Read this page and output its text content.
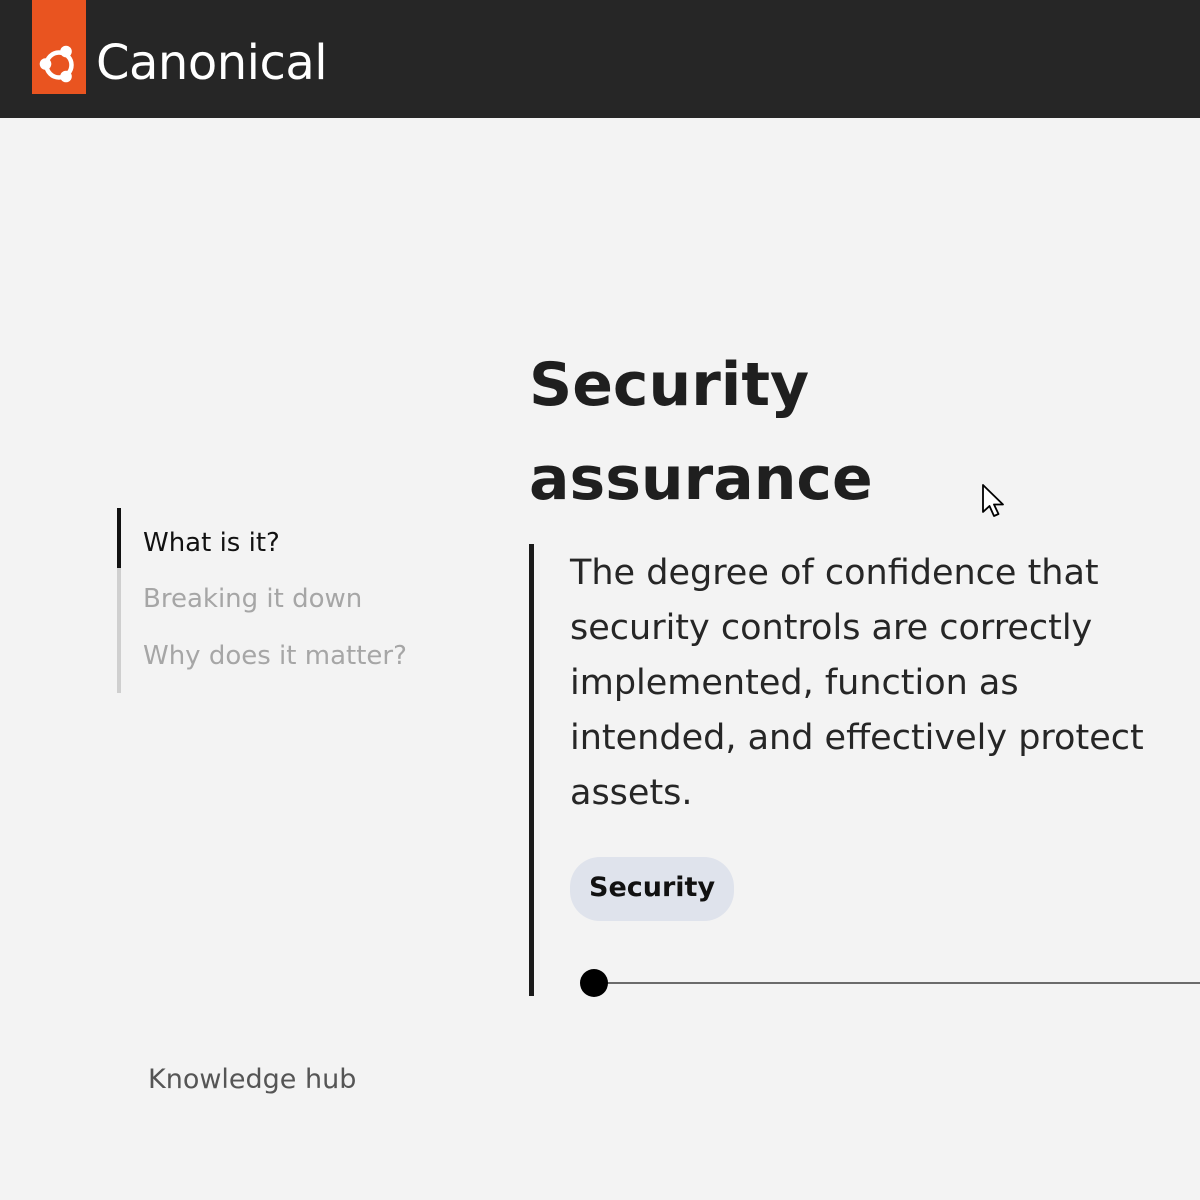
Canonical
What is it?
Breaking it down
Why does it matter?
Security
assurance

The degree of confidence that security controls are correctly implemented, function as intended, and effectively protect assets.

Security
Knowledge hub
